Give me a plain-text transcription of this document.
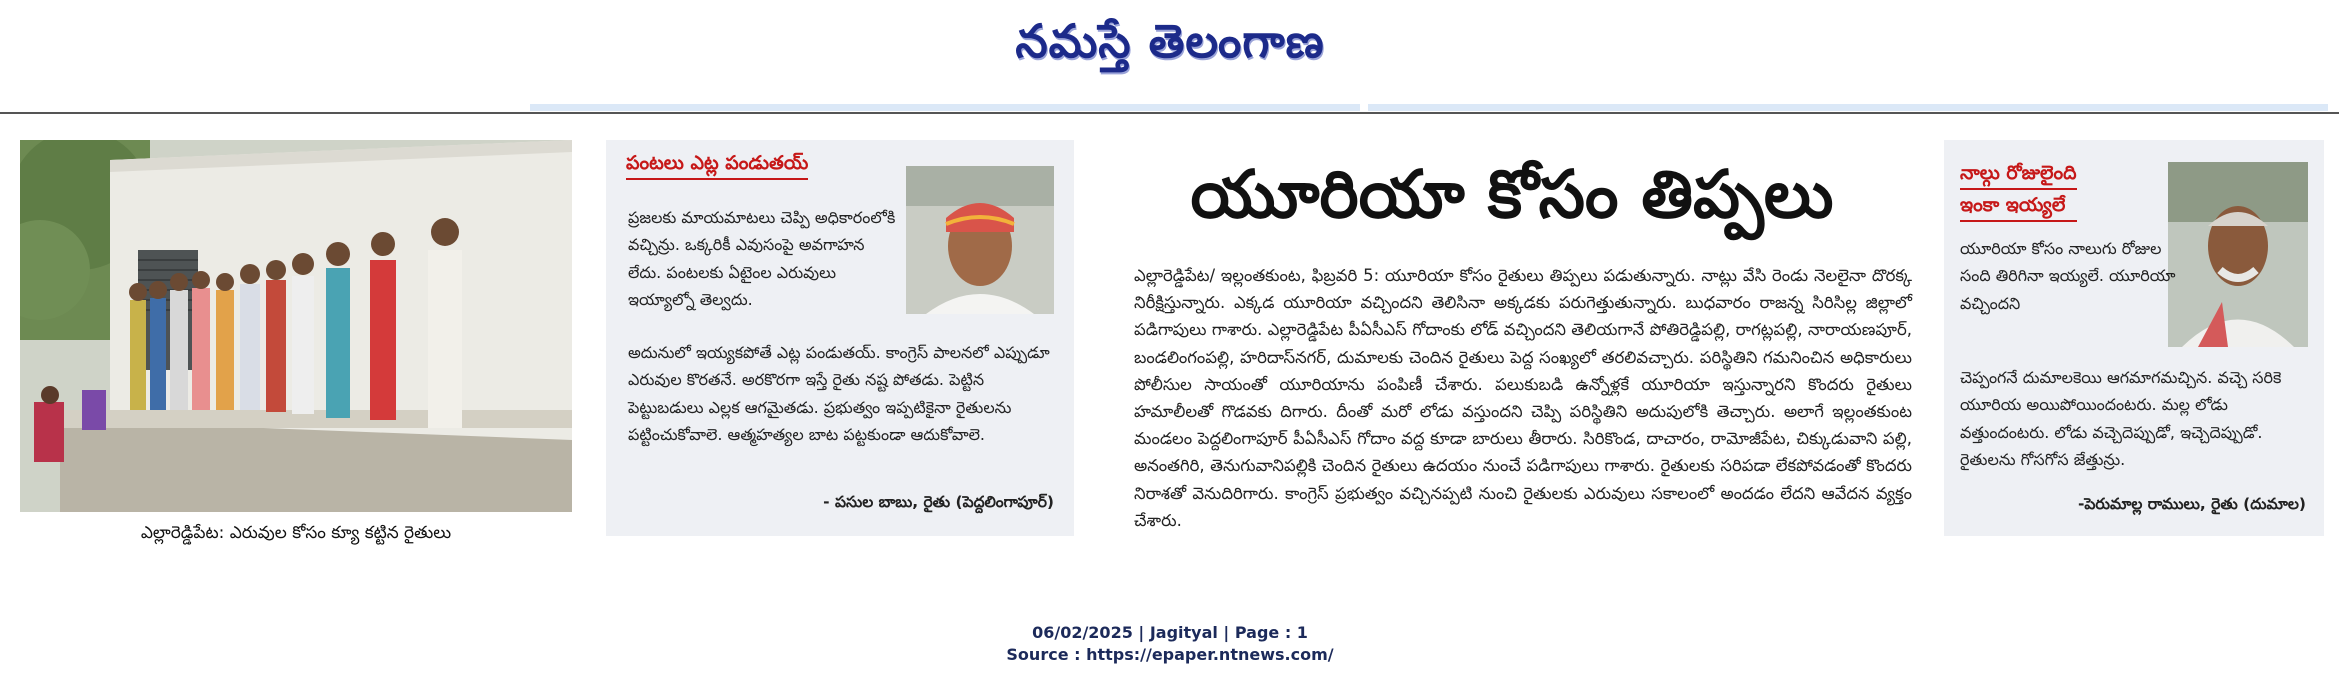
నమస్తే తెలంగాణ
ఎల్లారెడ్డిపేట: ఎరువుల కోసం క్యూ కట్టిన రైతులు
పంటలు ఎట్ల పండుతయ్
ప్రజలకు మాయమాటలు చెప్పి అధికారంలోకి వచ్చిన్రు. ఒక్కరికీ ఎవుసంపై అవగాహన లేదు. పంటలకు ఏటైంల ఎరువులు ఇయ్యాల్నో తెల్వదు.
అదునులో ఇయ్యకపోతే ఎట్ల పండుతయ్. కాంగ్రెస్ పాలనలో ఎప్పుడూ ఎరువుల కొరతనే. అరకొరగా ఇస్తే రైతు నష్ట పోతడు. పెట్టిన పెట్టుబడులు ఎల్లక ఆగమైతడు. ప్రభుత్వం ఇప్పటికైనా రైతులను పట్టించుకోవాలె. ఆత్మహత్యల బాట పట్టకుండా ఆదుకోవాలె.
- పసుల బాబు, రైతు (పెద్దలింగాపూర్)
యూరియా కోసం తిప్పలు
ఎల్లారెడ్డిపేట/ ఇల్లంతకుంట, ఫిబ్రవరి 5: యూరియా కోసం రైతులు తిప్పలు పడుతున్నారు. నాట్లు వేసి రెండు నెలలైనా దొరక్క నిరీక్షిస్తున్నారు. ఎక్కడ యూరియా వచ్చిందని తెలిసినా అక్కడకు పరుగెత్తుతున్నారు. బుధవారం రాజన్న సిరిసిల్ల జిల్లాలో పడిగాపులు గాశారు. ఎల్లారెడ్డిపేట పీఏసీఎస్ గోదాంకు లోడ్ వచ్చిందని తెలియగానే పోతిరెడ్డిపల్లి, రాగట్లపల్లి, నారాయణపూర్, బండలింగంపల్లి, హరిదాస్‌నగర్, దుమాలకు చెందిన రైతులు పెద్ద సంఖ్యలో తరలివచ్చారు. పరిస్థితిని గమనించిన అధికారులు పోలీసుల సాయంతో యూరియాను పంపిణీ చేశారు. పలుకుబడి ఉన్నోళ్లకే యూరియా ఇస్తున్నారని కొందరు రైతులు హమాలీలతో గొడవకు దిగారు. దీంతో మరో లోడు వస్తుందని చెప్పి పరిస్థితిని అదుపులోకి తెచ్చారు. అలాగే ఇల్లంతకుంట మండలం పెద్దలింగాపూర్ పీఏసీఎస్ గోదాం వద్ద కూడా బారులు తీరారు. సిరికొండ, దాచారం, రామోజీపేట, చిక్కుడువాని పల్లి, అనంతగిరి, తెనుగువానిపల్లికి చెందిన రైతులు ఉదయం నుంచే పడిగాపులు గాశారు. రైతులకు సరిపడా లేకపోవడంతో కొందరు నిరాశతో వెనుదిరిగారు. కాంగ్రెస్ ప్రభుత్వం వచ్చినప్పటి నుంచి రైతులకు ఎరువులు సకాలంలో అందడం లేదని ఆవేదన వ్యక్తం చేశారు.
నాల్గు రోజులైంది
ఇంకా ఇయ్యలే
యూరియా కోసం నాలుగు రోజుల సంది తిరిగినా ఇయ్యలే. యూరియా వచ్చిందని
చెప్పంగనే దుమాలకెయి ఆగమాగమచ్చిన. వచ్చె సరికె యూరియ అయిపోయిందంటరు. మల్ల లోడు వత్తుందంటరు. లోడు వచ్చెదెప్పుడో, ఇచ్చెదెప్పుడో. రైతులను గోసగోస జేత్తున్రు.
-పెరుమాల్ల రాములు, రైతు (దుమాల)
06/02/2025 | Jagityal | Page : 1
Source : https://epaper.ntnews.com/
